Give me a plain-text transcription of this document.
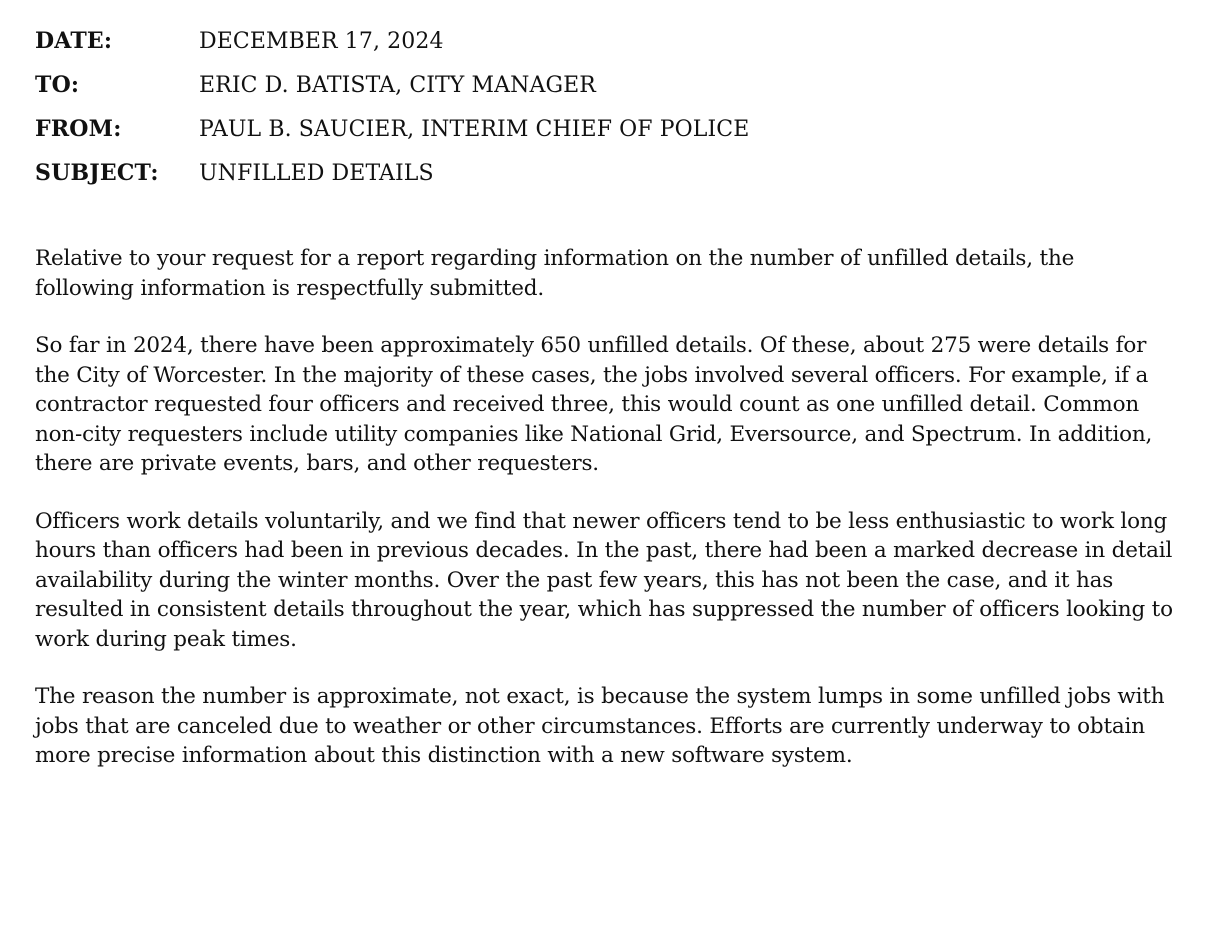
DATE:	DECEMBER 17, 2024
TO:	ERIC D. BATISTA, CITY MANAGER
FROM:	PAUL B. SAUCIER, INTERIM CHIEF OF POLICE
SUBJECT:	UNFILLED DETAILS

Relative to your request for a report regarding information on the number of unfilled details, the following information is respectfully submitted.

So far in 2024, there have been approximately 650 unfilled details. Of these, about 275 were details for the City of Worcester. In the majority of these cases, the jobs involved several officers. For example, if a contractor requested four officers and received three, this would count as one unfilled detail. Common non-city requesters include utility companies like National Grid, Eversource, and Spectrum. In addition, there are private events, bars, and other requesters.

Officers work details voluntarily, and we find that newer officers tend to be less enthusiastic to work long hours than officers had been in previous decades. In the past, there had been a marked decrease in detail availability during the winter months. Over the past few years, this has not been the case, and it has resulted in consistent details throughout the year, which has suppressed the number of officers looking to work during peak times.

The reason the number is approximate, not exact, is because the system lumps in some unfilled jobs with jobs that are canceled due to weather or other circumstances. Efforts are currently underway to obtain more precise information about this distinction with a new software system.
